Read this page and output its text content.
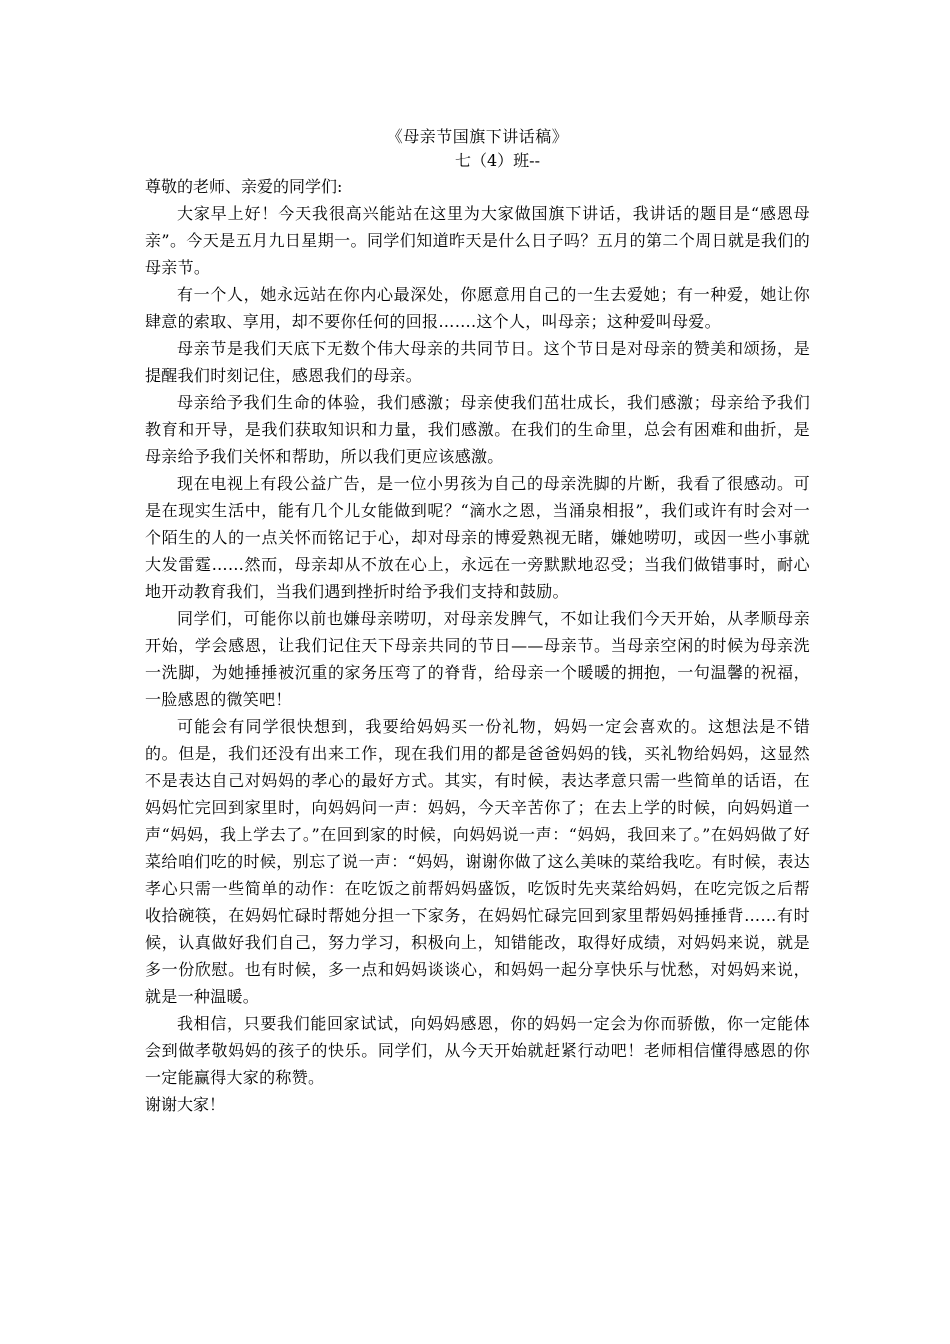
《母亲节国旗下讲话稿》
七（4）班--

尊敬的老师、亲爱的同学们:

大家早上好！今天我很高兴能站在这里为大家做国旗下讲话，我讲话的题目是“感恩母亲”。今天是五月九日星期一。同学们知道昨天是什么日子吗？五月的第二个周日就是我们的母亲节。

有一个人，她永远站在你内心最深处，你愿意用自己的一生去爱她；有一种爱，她让你肆意的索取、享用，却不要你任何的回报…….这个人，叫母亲；这种爱叫母爱。

母亲节是我们天底下无数个伟大母亲的共同节日。这个节日是对母亲的赞美和颂扬，是提醒我们时刻记住，感恩我们的母亲。

母亲给予我们生命的体验，我们感激；母亲使我们茁壮成长，我们感激；母亲给予我们教育和开导，是我们获取知识和力量，我们感激。在我们的生命里，总会有困难和曲折，是母亲给予我们关怀和帮助，所以我们更应该感激。

现在电视上有段公益广告，是一位小男孩为自己的母亲洗脚的片断，我看了很感动。可是在现实生活中，能有几个儿女能做到呢？“滴水之恩，当涌泉相报”，我们或许有时会对一个陌生的人的一点关怀而铭记于心，却对母亲的博爱熟视无睹，嫌她唠叨，或因一些小事就大发雷霆……然而，母亲却从不放在心上，永远在一旁默默地忍受；当我们做错事时，耐心地开动教育我们，当我们遇到挫折时给予我们支持和鼓励。

同学们，可能你以前也嫌母亲唠叨，对母亲发脾气，不如让我们今天开始，从孝顺母亲开始，学会感恩，让我们记住天下母亲共同的节日——母亲节。当母亲空闲的时候为母亲洗一洗脚，为她捶捶被沉重的家务压弯了的脊背，给母亲一个暖暖的拥抱，一句温馨的祝福，一脸感恩的微笑吧！

可能会有同学很快想到，我要给妈妈买一份礼物，妈妈一定会喜欢的。这想法是不错的。但是，我们还没有出来工作，现在我们用的都是爸爸妈妈的钱，买礼物给妈妈，这显然不是表达自己对妈妈的孝心的最好方式。其实，有时候，表达孝意只需一些简单的话语，在妈妈忙完回到家里时，向妈妈问一声：妈妈，今天辛苦你了；在去上学的时候，向妈妈道一声“妈妈，我上学去了。”在回到家的时候，向妈妈说一声：“妈妈，我回来了。”在妈妈做了好菜给咱们吃的时候，别忘了说一声：“妈妈，谢谢你做了这么美味的菜给我吃。有时候，表达孝心只需一些简单的动作：在吃饭之前帮妈妈盛饭，吃饭时先夹菜给妈妈，在吃完饭之后帮收拾碗筷，在妈妈忙碌时帮她分担一下家务，在妈妈忙碌完回到家里帮妈妈捶捶背……有时候，认真做好我们自己，努力学习，积极向上，知错能改，取得好成绩，对妈妈来说，就是多一份欣慰。也有时候，多一点和妈妈谈谈心，和妈妈一起分享快乐与忧愁，对妈妈来说，就是一种温暖。

我相信，只要我们能回家试试，向妈妈感恩，你的妈妈一定会为你而骄傲，你一定能体会到做孝敬妈妈的孩子的快乐。同学们，从今天开始就赶紧行动吧！老师相信懂得感恩的你一定能赢得大家的称赞。

谢谢大家！
